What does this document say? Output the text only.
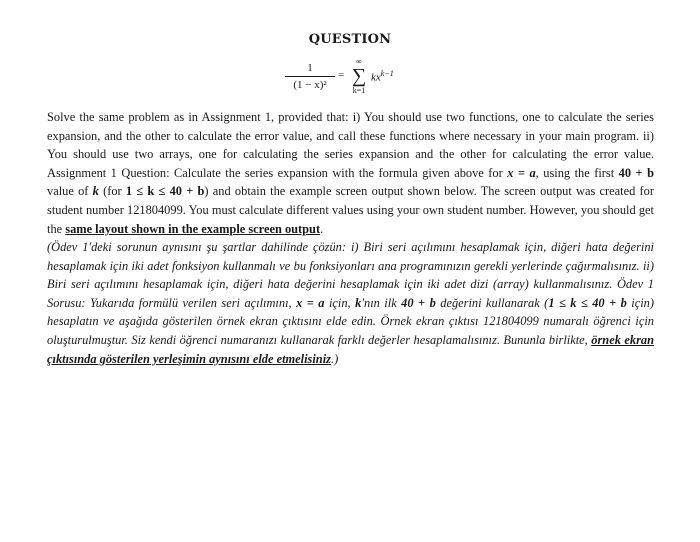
QUESTION
1
(1 − x)²
=
∞
∑
k=1
$kx^{k-1}$

Solve the same problem as in Assignment 1, provided that: i) You should use two functions, one to calculate the series expansion, and the other to calculate the error value, and call these functions where necessary in your main program. ii) You should use two arrays, one for calculating the series expansion and the other for calculating the error value. Assignment 1 Question: Calculate the series expansion with the formula given above for x = a, using the first 40 + b value of k (for 1 ≤ k ≤ 40 + b) and obtain the example screen output shown below. The screen output was created for student number 121804099. You must calculate different values using your own student number. However, you should get the same layout shown in the example screen output.

(Ödev 1'deki sorunun aynısını şu şartlar dahilinde çözün: i) Biri seri açılımını hesaplamak için, diğeri hata değerini hesaplamak için iki adet fonksiyon kullanmalı ve bu fonksiyonları ana programınızın gerekli yerlerinde çağırmalısınız. ii) Biri seri açılımını hesaplamak için, diğeri hata değerini hesaplamak için iki adet dizi (array) kullanmalısınız. Ödev 1 Sorusu: Yukarıda formülü verilen seri açılımını, x = a için, k'nın ilk 40 + b değerini kullanarak (1 ≤ k ≤ 40 + b için) hesaplatın ve aşağıda gösterilen örnek ekran çıktısını elde edin. Örnek ekran çıktısı 121804099 numaralı öğrenci için oluşturulmuştur. Siz kendi öğrenci numaranızı kullanarak farklı değerler hesaplamalısınız. Bununla birlikte, örnek ekran çıktısında gösterilen yerleşimin aynısını elde etmelisiniz.)
